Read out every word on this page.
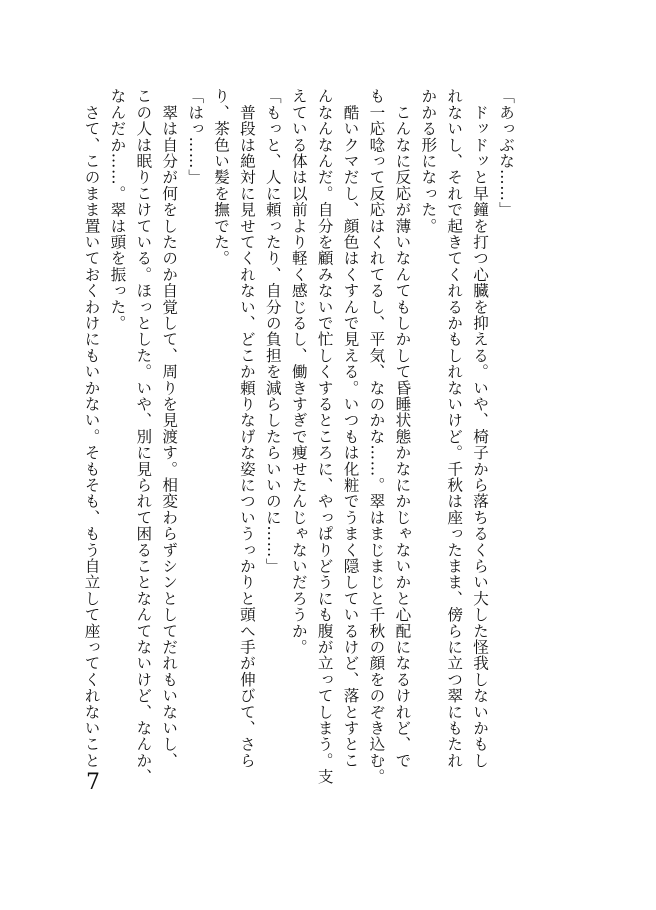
「あっぶな……」

　ドッドッと早鐘を打つ心臓を抑える。いや、椅子から落ちるくらい大した怪我しないかもし

れないし、それで起きてくれるかもしれないけど。千秋は座ったまま、傍らに立つ翠にもたれ

かかる形になった。

　こんなに反応が薄いなんてもしかして昏睡状態かなにかじゃないかと心配になるけれど、で

も一応唸って反応はくれてるし、平気、なのかな……。翠はまじまじと千秋の顔をのぞき込む。

　酷いクマだし、顔色はくすんで見える。いつもは化粧でうまく隠しているけど、落とすとこ

んなんなんだ。自分を顧みないで忙しくするところに、やっぱりどうにも腹が立ってしまう。支

えている体は以前より軽く感じるし、働きすぎで痩せたんじゃないだろうか。

「もっと、人に頼ったり、自分の負担を減らしたらいいのに……」

　普段は絶対に見せてくれない、どこか頼りなげな姿についうっかりと頭へ手が伸びて、さら

り、茶色い髪を撫でた。

「はっ……」

　翠は自分が何をしたのか自覚して、周りを見渡す。相変わらずシンとしてだれもいないし、

この人は眠りこけている。ほっとした。いや、別に見られて困ることなんてないけど、なんか、

なんだか……。翠は頭を振った。

　さて、このまま置いておくわけにもいかない。そもそも、もう自立して座ってくれないこと

7
